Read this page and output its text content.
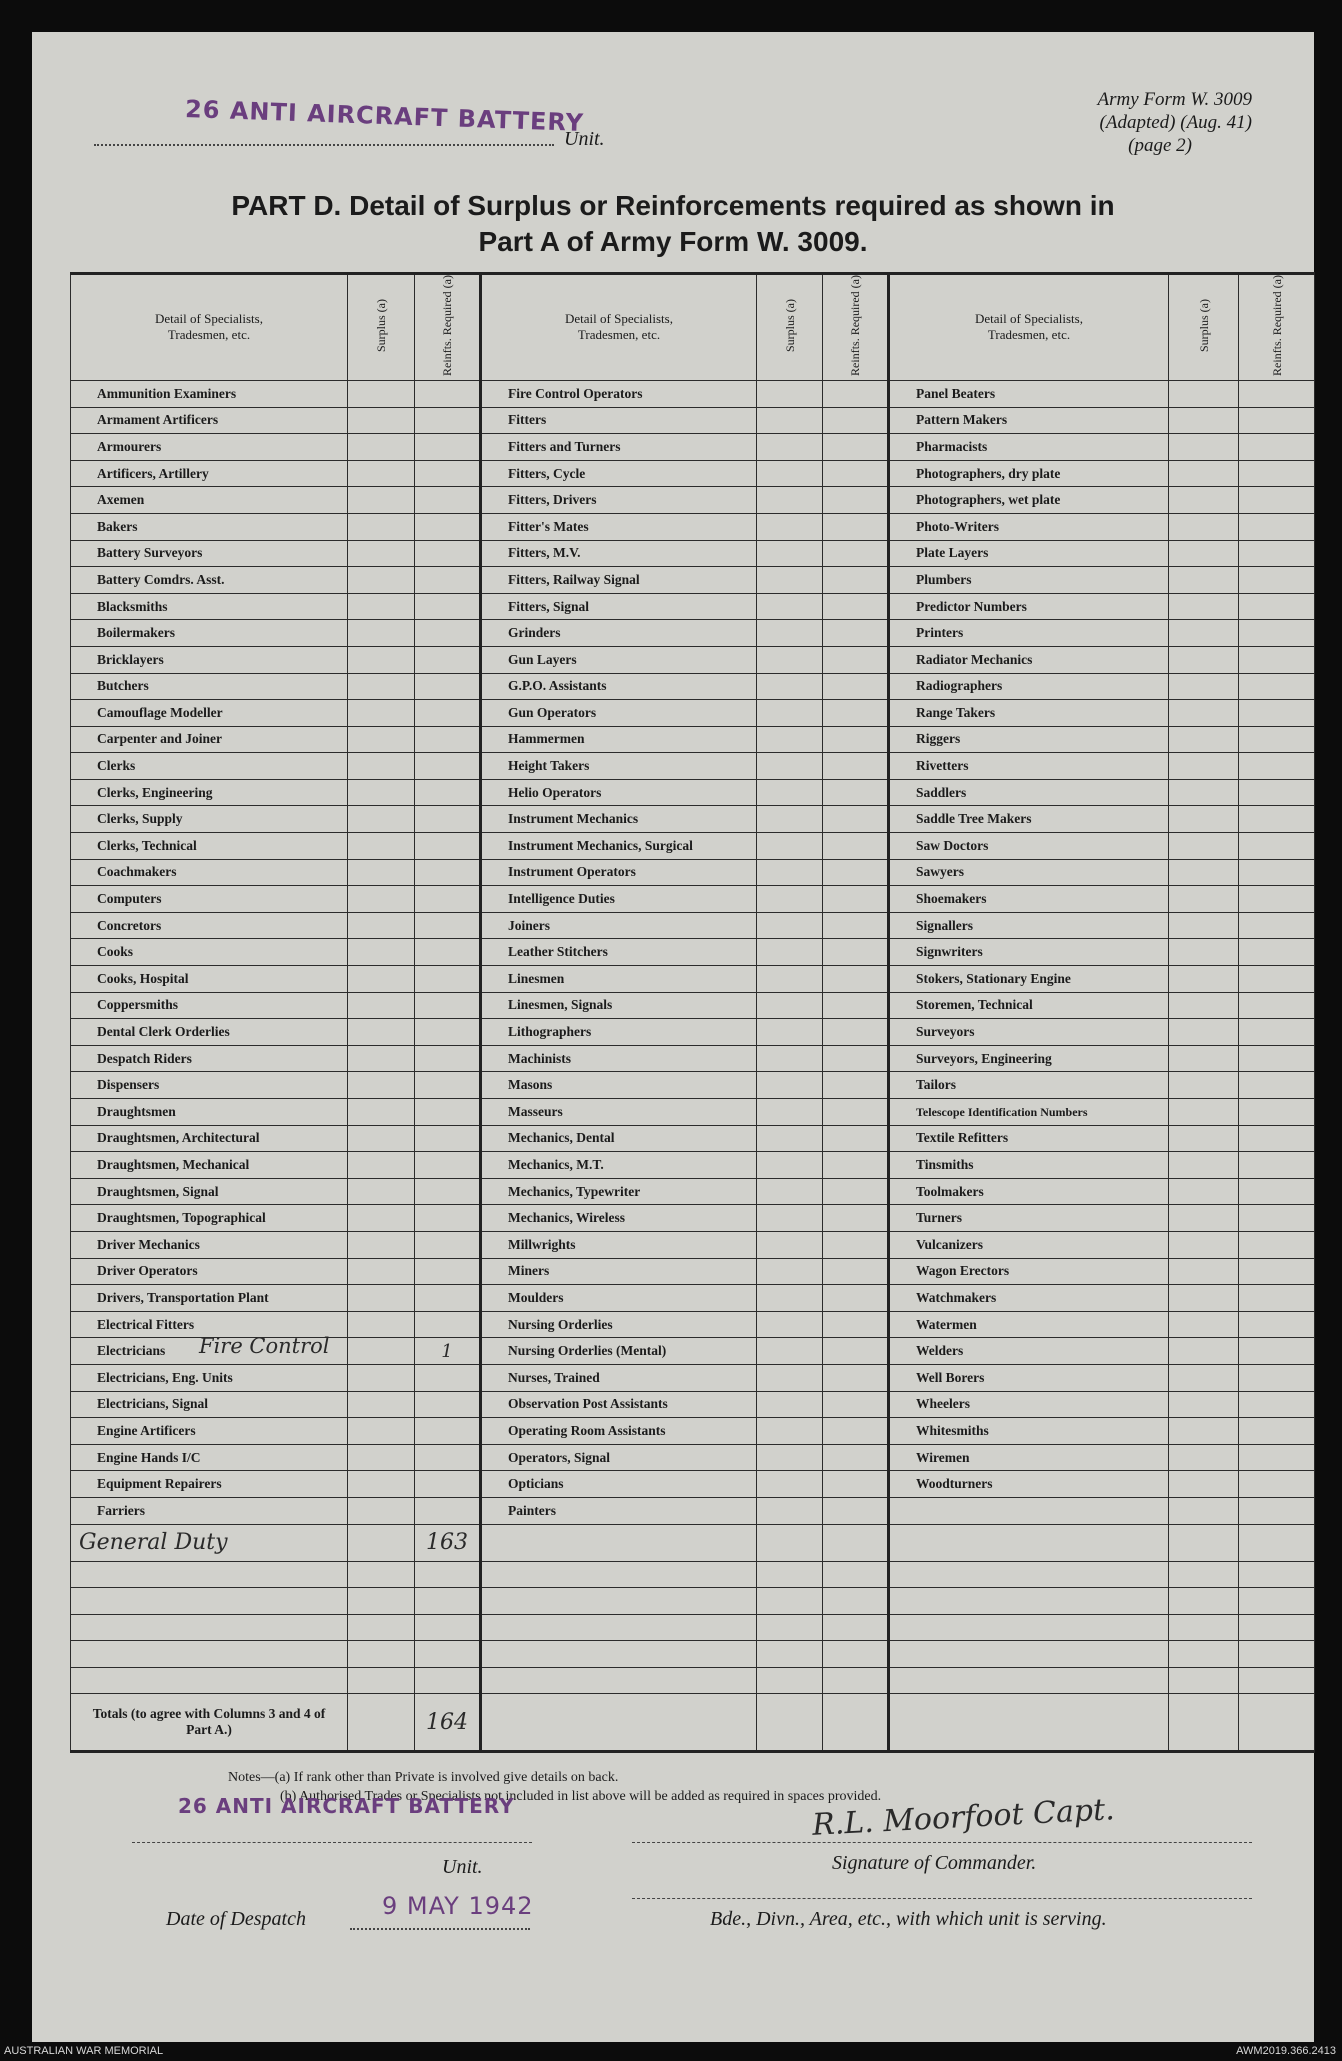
26 ANTI AIRCRAFT BATTERY
Unit.
Army Form W. 3009
(Adapted) (Aug. 41)
(page 2)
PART D. Detail of Surplus or Reinforcements required as shown in
Part A of Army Form W. 3009.
Detail of Specialists, Tradesmen, etc.	Surplus (a)	Reinfts. Required (a)	Detail of Specialists, Tradesmen, etc.	Surplus (a)	Reinfts. Required (a)	Detail of Specialists, Tradesmen, etc.	Surplus (a)	Reinfts. Required (a)
Ammunition Examiners			Fire Control Operators			Panel Beaters		
Armament Artificers			Fitters			Pattern Makers		
Armourers			Fitters and Turners			Pharmacists		
Artificers, Artillery			Fitters, Cycle			Photographers, dry plate		
Axemen			Fitters, Drivers			Photographers, wet plate		
Bakers			Fitter's Mates			Photo-Writers		
Battery Surveyors			Fitters, M.V.			Plate Layers		
Battery Comdrs. Asst.			Fitters, Railway Signal			Plumbers		
Blacksmiths			Fitters, Signal			Predictor Numbers		
Boilermakers			Grinders			Printers		
Bricklayers			Gun Layers			Radiator Mechanics		
Butchers			G.P.O. Assistants			Radiographers		
Camouflage Modeller			Gun Operators			Range Takers		
Carpenter and Joiner			Hammermen			Riggers		
Clerks			Height Takers			Rivetters		
Clerks, Engineering			Helio Operators			Saddlers		
Clerks, Supply			Instrument Mechanics			Saddle Tree Makers		
Clerks, Technical			Instrument Mechanics, Surgical			Saw Doctors		
Coachmakers			Instrument Operators			Sawyers		
Computers			Intelligence Duties			Shoemakers		
Concretors			Joiners			Signallers		
Cooks			Leather Stitchers			Signwriters		
Cooks, Hospital			Linesmen			Stokers, Stationary Engine		
Coppersmiths			Linesmen, Signals			Storemen, Technical		
Dental Clerk Orderlies			Lithographers			Surveyors		
Despatch Riders			Machinists			Surveyors, Engineering		
Dispensers			Masons			Tailors		
Draughtsmen			Masseurs			Telescope Identification Numbers		
Draughtsmen, Architectural			Mechanics, Dental			Textile Refitters		
Draughtsmen, Mechanical			Mechanics, M.T.			Tinsmiths		
Draughtsmen, Signal			Mechanics, Typewriter			Toolmakers		
Draughtsmen, Topographical			Mechanics, Wireless			Turners		
Driver Mechanics			Millwrights			Vulcanizers		
Driver Operators			Miners			Wagon Erectors		
Drivers, Transportation Plant			Moulders			Watchmakers		
Electrical Fitters			Nursing Orderlies			Watermen		
Electricians Fire Control		1	Nursing Orderlies (Mental)			Welders		
Electricians, Eng. Units			Nurses, Trained			Well Borers		
Electricians, Signal			Observation Post Assistants			Wheelers		
Engine Artificers			Operating Room Assistants			Whitesmiths		
Engine Hands I/C			Operators, Signal			Wiremen		
Equipment Repairers			Opticians			Woodturners		
Farriers			Painters					
General Duty		163						

Totals (to agree with Columns 3 and 4 of Part A.)		164						
Notes—(a) If rank other than Private is involved give details on back.
(b) Authorised Trades or Specialists not included in list above will be added as required in spaces provided.
26 ANTI AIRCRAFT BATTERY
Unit.
R.L. Moorfoot Capt.
Signature of Commander.
Date of Despatch	9 MAY 1942	Bde., Divn., Area, etc., with which unit is serving.
AUSTRALIAN WAR MEMORIAL	AWM2019.366.2413
